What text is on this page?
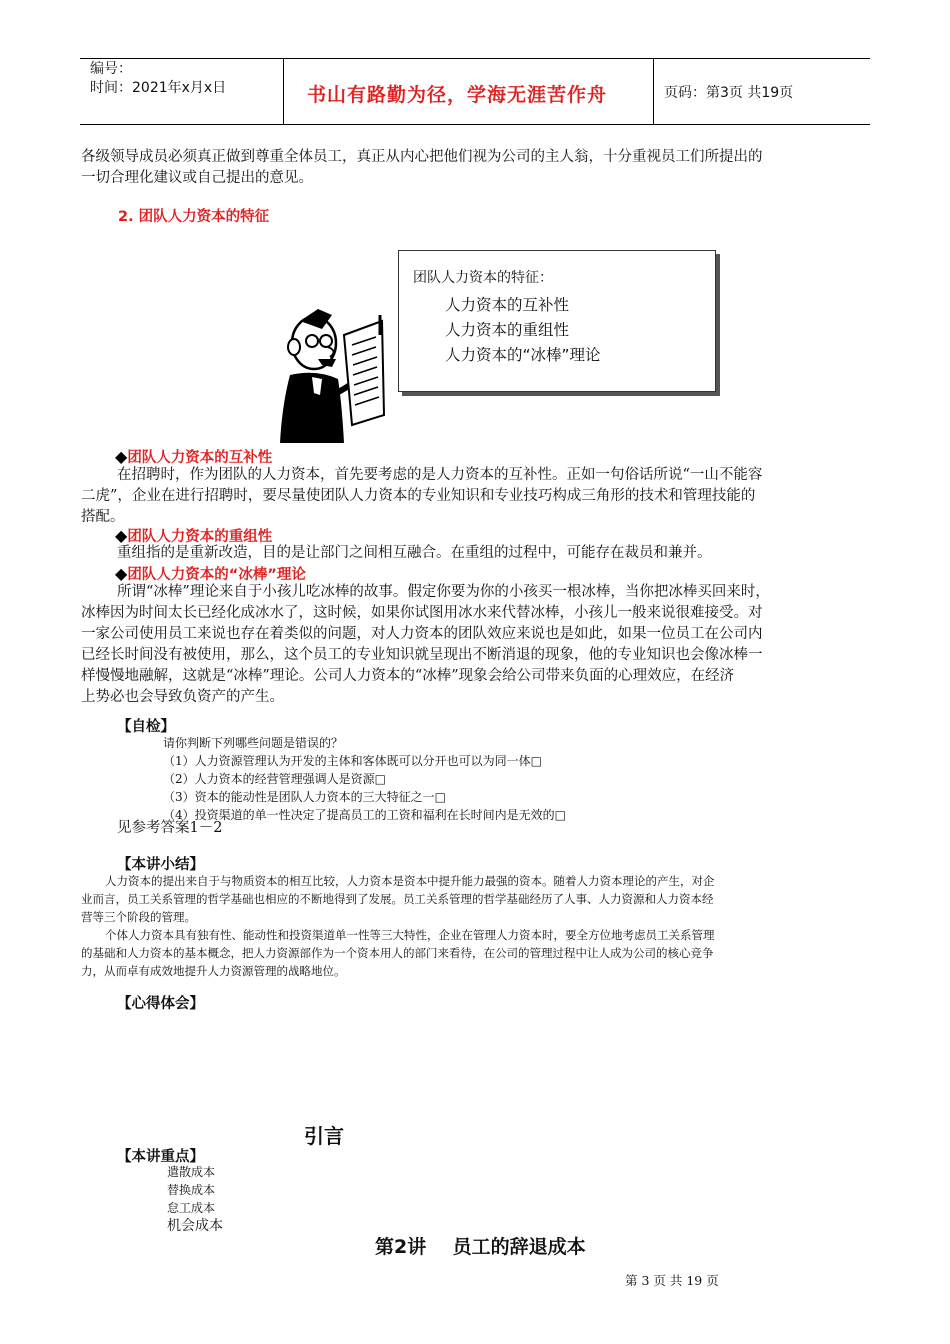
编号：
时间：2021年x月x日	书山有路勤为径，学海无涯苦作舟	页码：第3页 共19页
各级领导成员必须真正做到尊重全体员工，真正从内心把他们视为公司的主人翁，十分重视员工们所提出的
一切合理化建议或自己提出的意见。
2. 团队人力资本的特征
团队人力资本的特征：
人力资本的互补性
人力资本的重组性
人力资本的“冰棒”理论
◆团队人力资本的互补性
在招聘时，作为团队的人力资本，首先要考虑的是人力资本的互补性。正如一句俗话所说“一山不能容
二虎”，企业在进行招聘时，要尽量使团队人力资本的专业知识和专业技巧构成三角形的技术和管理技能的
搭配。
◆团队人力资本的重组性
重组指的是重新改造，目的是让部门之间相互融合。在重组的过程中，可能存在裁员和兼并。
◆团队人力资本的“冰棒”理论
所谓“冰棒”理论来自于小孩儿吃冰棒的故事。假定你要为你的小孩买一根冰棒，当你把冰棒买回来时，
冰棒因为时间太长已经化成冰水了，这时候，如果你试图用冰水来代替冰棒，小孩儿一般来说很难接受。对
一家公司使用员工来说也存在着类似的问题，对人力资本的团队效应来说也是如此，如果一位员工在公司内
已经长时间没有被使用，那么，这个员工的专业知识就呈现出不断消退的现象，他的专业知识也会像冰棒一
样慢慢地融解，这就是“冰棒”理论。公司人力资本的“冰棒”现象会给公司带来负面的心理效应，在经济
上势必也会导致负资产的产生。
【自检】
请你判断下列哪些问题是错误的？
（1）人力资源管理认为开发的主体和客体既可以分开也可以为同一体□
（2）人力资本的经营管理强调人是资源□
（3）资本的能动性是团队人力资本的三大特征之一□
（4）投资渠道的单一性决定了提高员工的工资和福利在长时间内是无效的□
见参考答案1－2
【本讲小结】
人力资本的提出来自于与物质资本的相互比较，人力资本是资本中提升能力最强的资本。随着人力资本理论的产生，对企
业而言，员工关系管理的哲学基础也相应的不断地得到了发展。员工关系管理的哲学基础经历了人事、人力资源和人力资本经
营等三个阶段的管理。
个体人力资本具有独有性、能动性和投资渠道单一性等三大特性，企业在管理人力资本时，要全方位地考虑员工关系管理
的基础和人力资本的基本概念，把人力资源部作为一个资本用人的部门来看待，在公司的管理过程中让人成为公司的核心竞争
力，从而卓有成效地提升人力资源管理的战略地位。
【心得体会】
引言
【本讲重点】
遣散成本
替换成本
怠工成本
机会成本
第2讲    员工的辞退成本
第 3 页 共 19 页
